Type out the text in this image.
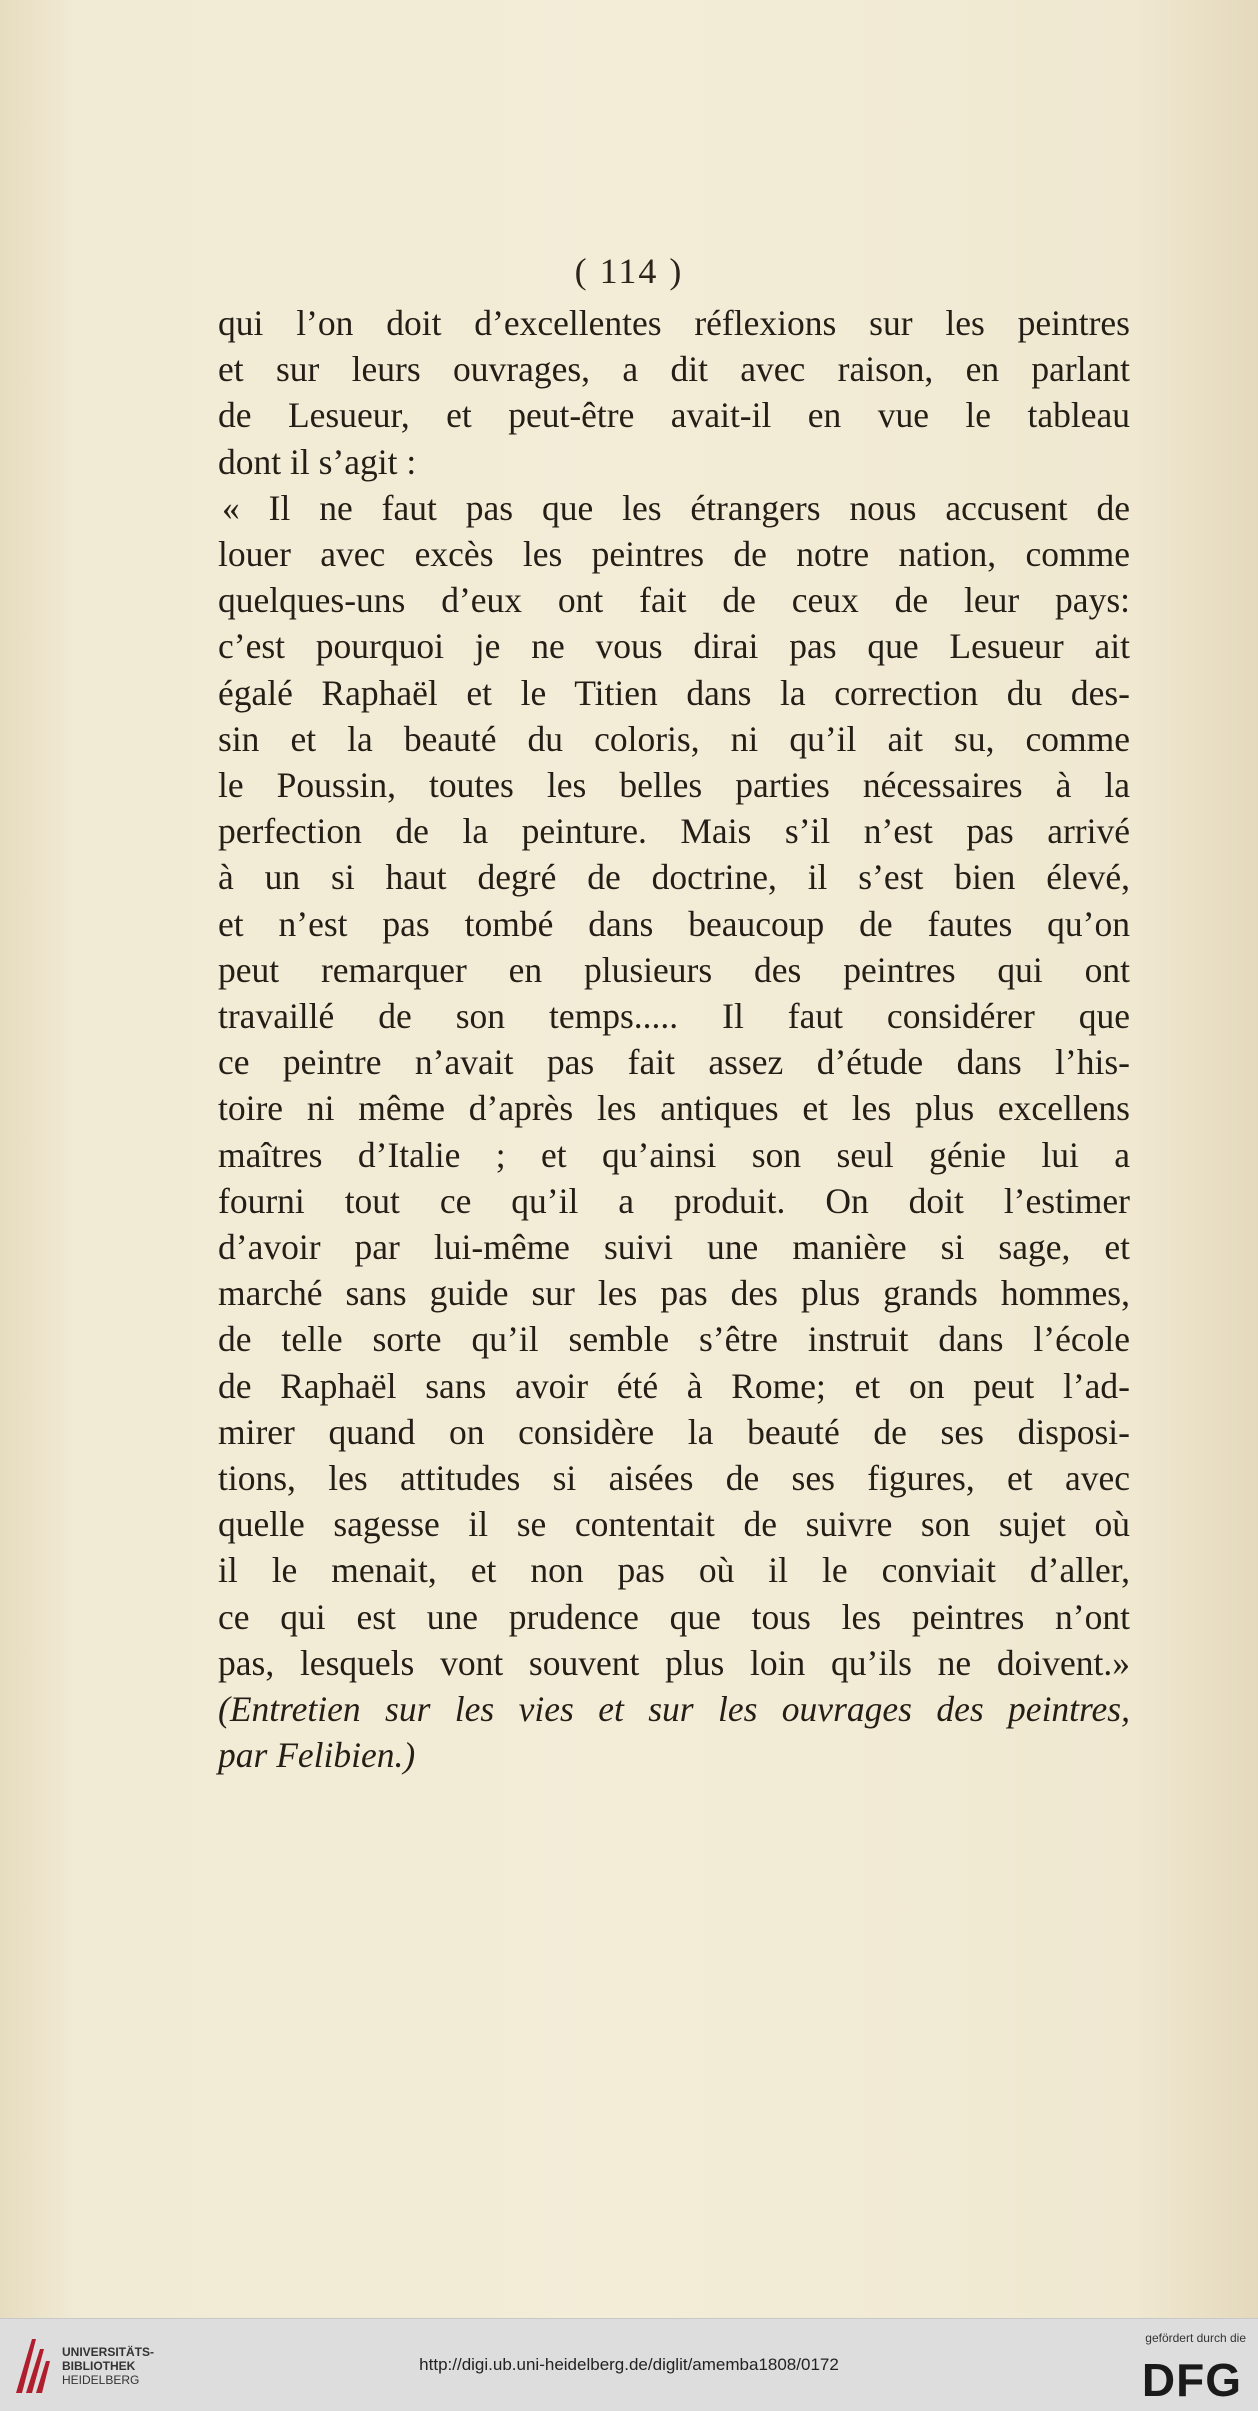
( 114 )
qui l’on doit d’excellentes réflexions sur les peintres
et sur leurs ouvrages, a dit avec raison, en parlant
de Lesueur, et peut-être avait-il en vue le tableau
dont il s’agit :
« Il ne faut pas que les étrangers nous accusent de
louer avec excès les peintres de notre nation, comme
quelques-uns d’eux ont fait de ceux de leur pays:
c’est pourquoi je ne vous dirai pas que Lesueur ait
égalé Raphaël et le Titien dans la correction du des-
sin et la beauté du coloris, ni qu’il ait su, comme
le Poussin, toutes les belles parties nécessaires à la
perfection de la peinture. Mais s’il n’est pas arrivé
à un si haut degré de doctrine, il s’est bien élevé,
et n’est pas tombé dans beaucoup de fautes qu’on
peut remarquer en plusieurs des peintres qui ont
travaillé de son temps..... Il faut considérer que
ce peintre n’avait pas fait assez d’étude dans l’his-
toire ni même d’après les antiques et les plus excellens
maîtres d’Italie ; et qu’ainsi son seul génie lui a
fourni tout ce qu’il a produit. On doit l’estimer
d’avoir par lui-même suivi une manière si sage, et
marché sans guide sur les pas des plus grands hommes,
de telle sorte qu’il semble s’être instruit dans l’école
de Raphaël sans avoir été à Rome; et on peut l’ad-
mirer quand on considère la beauté de ses disposi-
tions, les attitudes si aisées de ses figures, et avec
quelle sagesse il se contentait de suivre son sujet où
il le menait, et non pas où il le conviait d’aller,
ce qui est une prudence que tous les peintres n’ont
pas, lesquels vont souvent plus loin qu’ils ne doivent.»
(Entretien sur les vies et sur les ouvrages des peintres,
par Felibien.)
UNIVERSITÄTS-
BIBLIOTHEK
HEIDELBERG
http://digi.ub.uni-heidelberg.de/diglit/amemba1808/0172
gefördert durch die
DFG
